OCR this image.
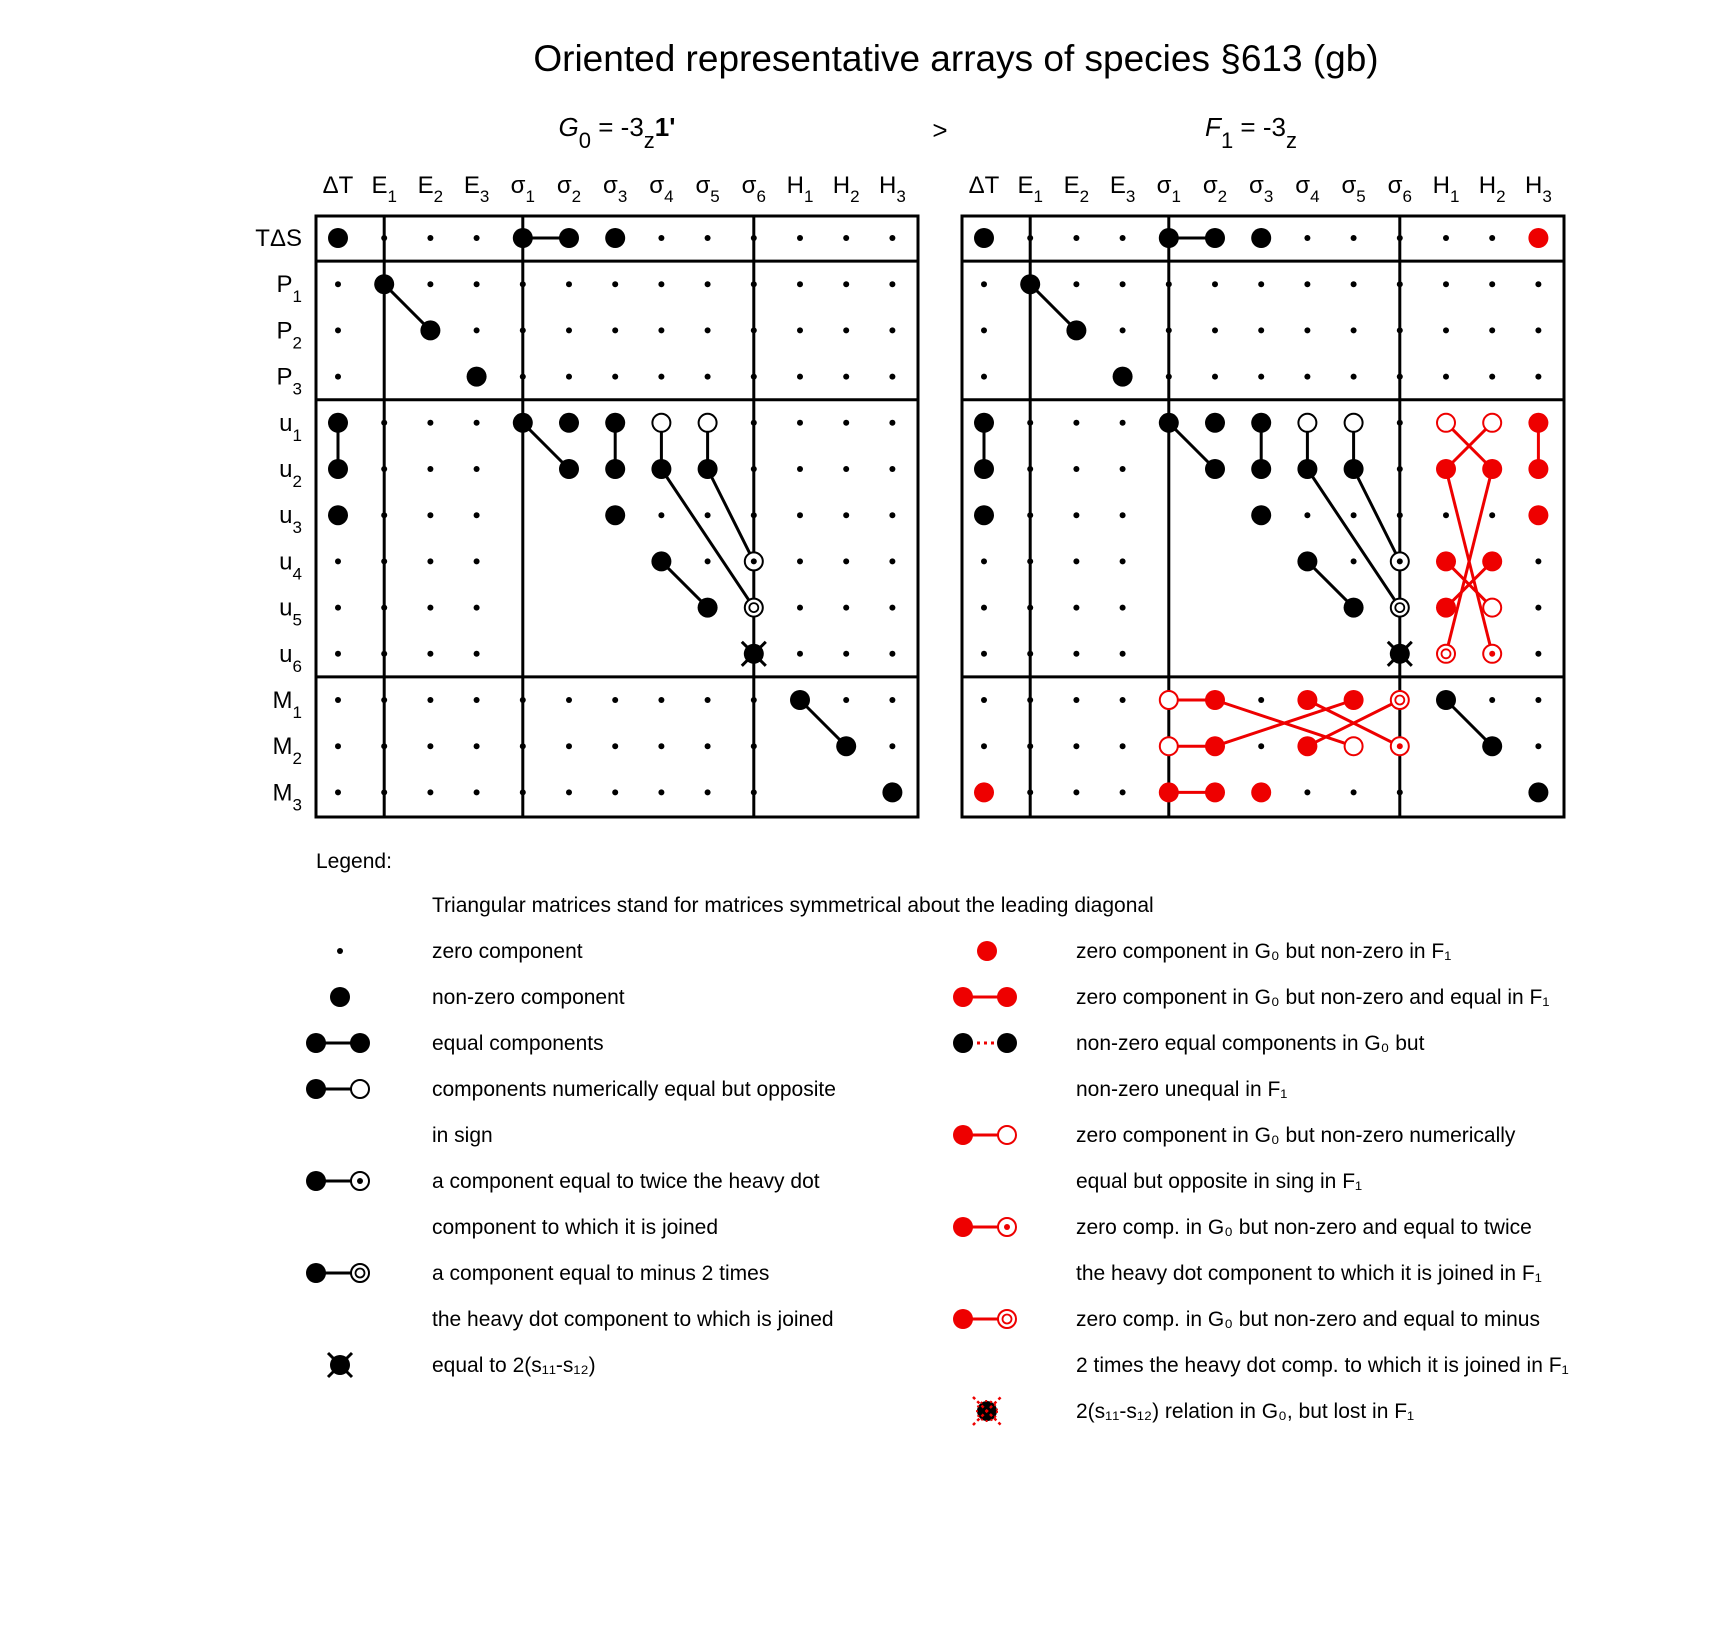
Oriented representative arrays of species §613 (gb)
$G_0 = -3_z1'$	>	$F_1 = -3_z$
ΔT $E_1$ $E_2$ $E_3$ $\sigma_1$ $\sigma_2$ $\sigma_3$ $\sigma_4$ $\sigma_5$ $\sigma_6$ $H_1$ $H_2$ $H_3$
TΔS
$P_1$
$P_2$
$P_3$
$u_1$
$u_2$
$u_3$
$u_4$
$u_5$
$u_6$
$M_1$
$M_2$
$M_3$
ΔT $E_1$ $E_2$ $E_3$ $\sigma_1$ $\sigma_2$ $\sigma_3$ $\sigma_4$ $\sigma_5$ $\sigma_6$ $H_1$ $H_2$ $H_3$
Legend:
Triangular matrices stand for matrices symmetrical about the leading diagonal
zero component
non-zero component
equal components
components numerically equal but opposite
in sign
a component equal to twice the heavy dot
component to which it is joined
a component equal to minus 2 times
the heavy dot component to which is joined
equal to 2(s₁₁-s₁₂)
zero component in G₀ but non-zero in F₁
zero component in G₀ but non-zero and equal in F₁
non-zero equal components in G₀ but
non-zero unequal in F₁
zero component in G₀ but non-zero numerically
equal but opposite in sing in F₁
zero comp. in G₀ but non-zero and equal to twice
the heavy dot component to which it is joined in F₁
zero comp. in G₀ but non-zero and equal to minus
2 times the heavy dot comp. to which it is joined in F₁
2(s₁₁-s₁₂) relation in G₀, but lost in F₁
